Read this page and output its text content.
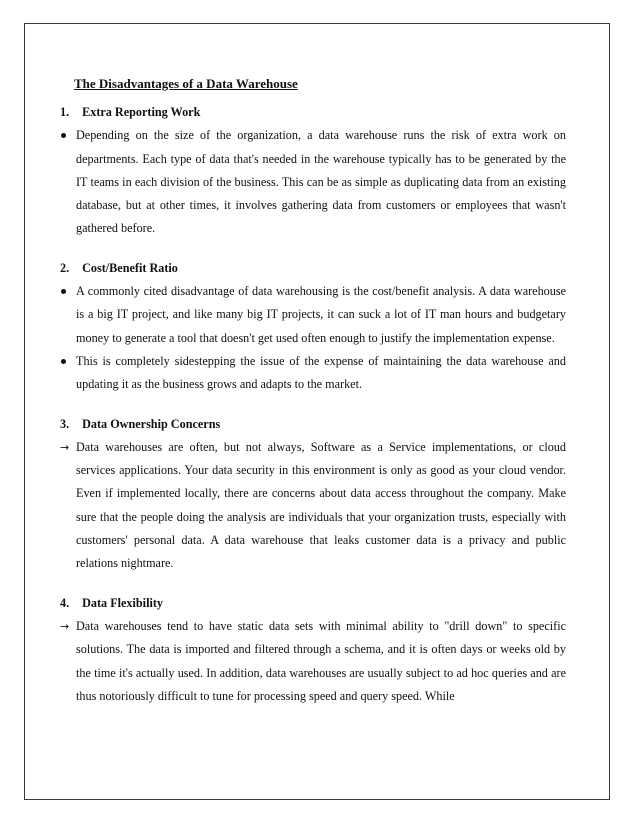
The Disadvantages of a Data Warehouse
1. Extra Reporting Work
Depending on the size of the organization, a data warehouse runs the risk of extra work on departments. Each type of data that's needed in the warehouse typically has to be generated by the IT teams in each division of the business. This can be as simple as duplicating data from an existing database, but at other times, it involves gathering data from customers or employees that wasn't gathered before.
2. Cost/Benefit Ratio
A commonly cited disadvantage of data warehousing is the cost/benefit analysis. A data warehouse is a big IT project, and like many big IT projects, it can suck a lot of IT man hours and budgetary money to generate a tool that doesn't get used often enough to justify the implementation expense.
This is completely sidestepping the issue of the expense of maintaining the data warehouse and updating it as the business grows and adapts to the market.
3. Data Ownership Concerns
→ Data warehouses are often, but not always, Software as a Service implementations, or cloud services applications. Your data security in this environment is only as good as your cloud vendor. Even if implemented locally, there are concerns about data access throughout the company. Make sure that the people doing the analysis are individuals that your organization trusts, especially with customers' personal data. A data warehouse that leaks customer data is a privacy and public relations nightmare.
4. Data Flexibility
→ Data warehouses tend to have static data sets with minimal ability to "drill down" to specific solutions. The data is imported and filtered through a schema, and it is often days or weeks old by the time it's actually used. In addition, data warehouses are usually subject to ad hoc queries and are thus notoriously difficult to tune for processing speed and query speed. While
